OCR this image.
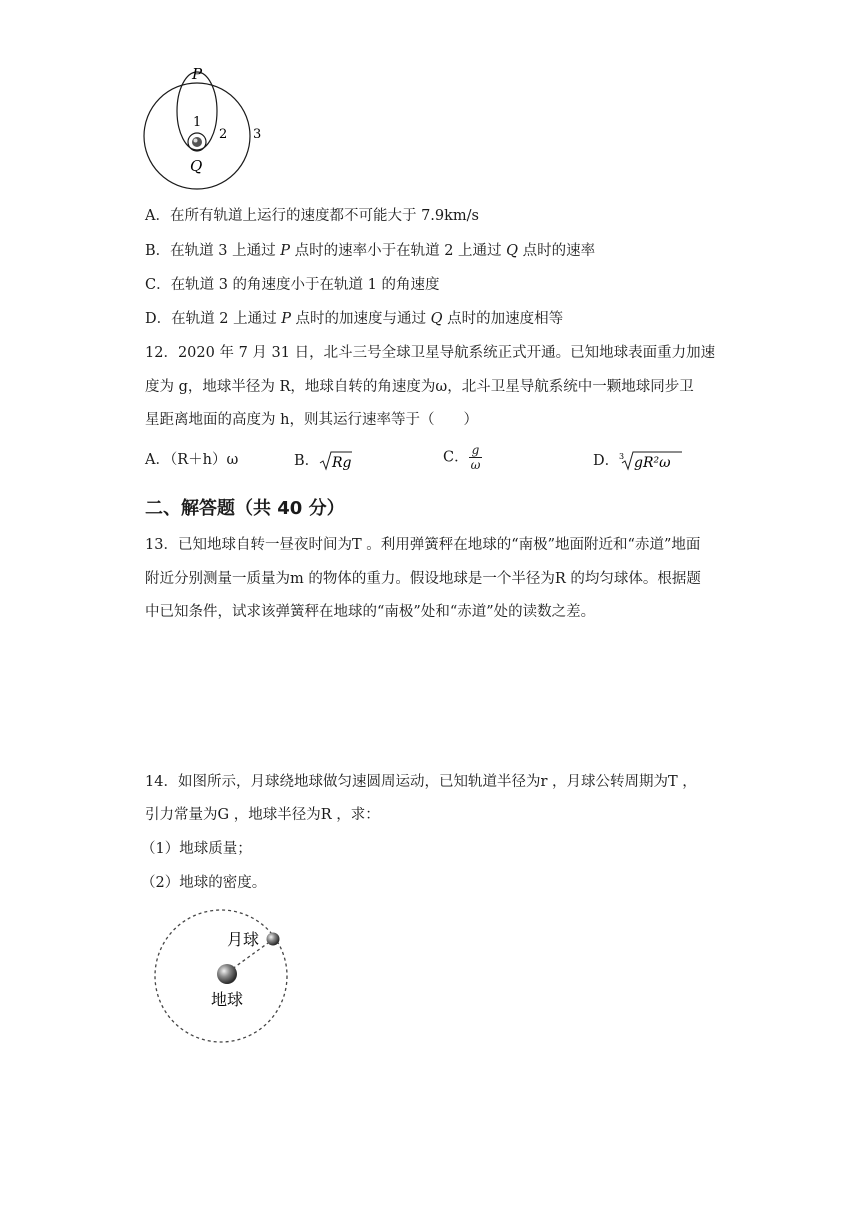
P
Q
1
2 3
A．在所有轨道上运行的速度都不可能大于 7.9km/s
B．在轨道 3 上通过 P 点时的速率小于在轨道 2 上通过 Q 点时的速率
C．在轨道 3 的角速度小于在轨道 1 的角速度
D．在轨道 2 上通过 P 点时的加速度与通过 Q 点时的加速度相等
12．2020 年 7 月 31 日，北斗三号全球卫星导航系统正式开通。已知地球表面重力加速
度为 g，地球半径为 R，地球自转的角速度为ω，北斗卫星导航系统中一颗地球同步卫
星距离地面的高度为 h，则其运行速率等于（　　）
A．（R＋h）ω	B． Rg	C． $\frac{g}{\omega}$	D． 3 gR²ω
二、解答题（共 40 分）
13．已知地球自转一昼夜时间为T 。利用弹簧秤在地球的“南极”地面附近和“赤道”地面
附近分别测量一质量为m 的物体的重力。假设地球是一个半径为R 的均匀球体。根据题
中已知条件，试求该弹簧秤在地球的“南极”处和“赤道”处的读数之差。
14．如图所示，月球绕地球做匀速圆周运动，已知轨道半径为r ，月球公转周期为T ，
引力常量为G ，地球半径为R ，求：
（1）地球质量；
（2）地球的密度。
月球
地球
